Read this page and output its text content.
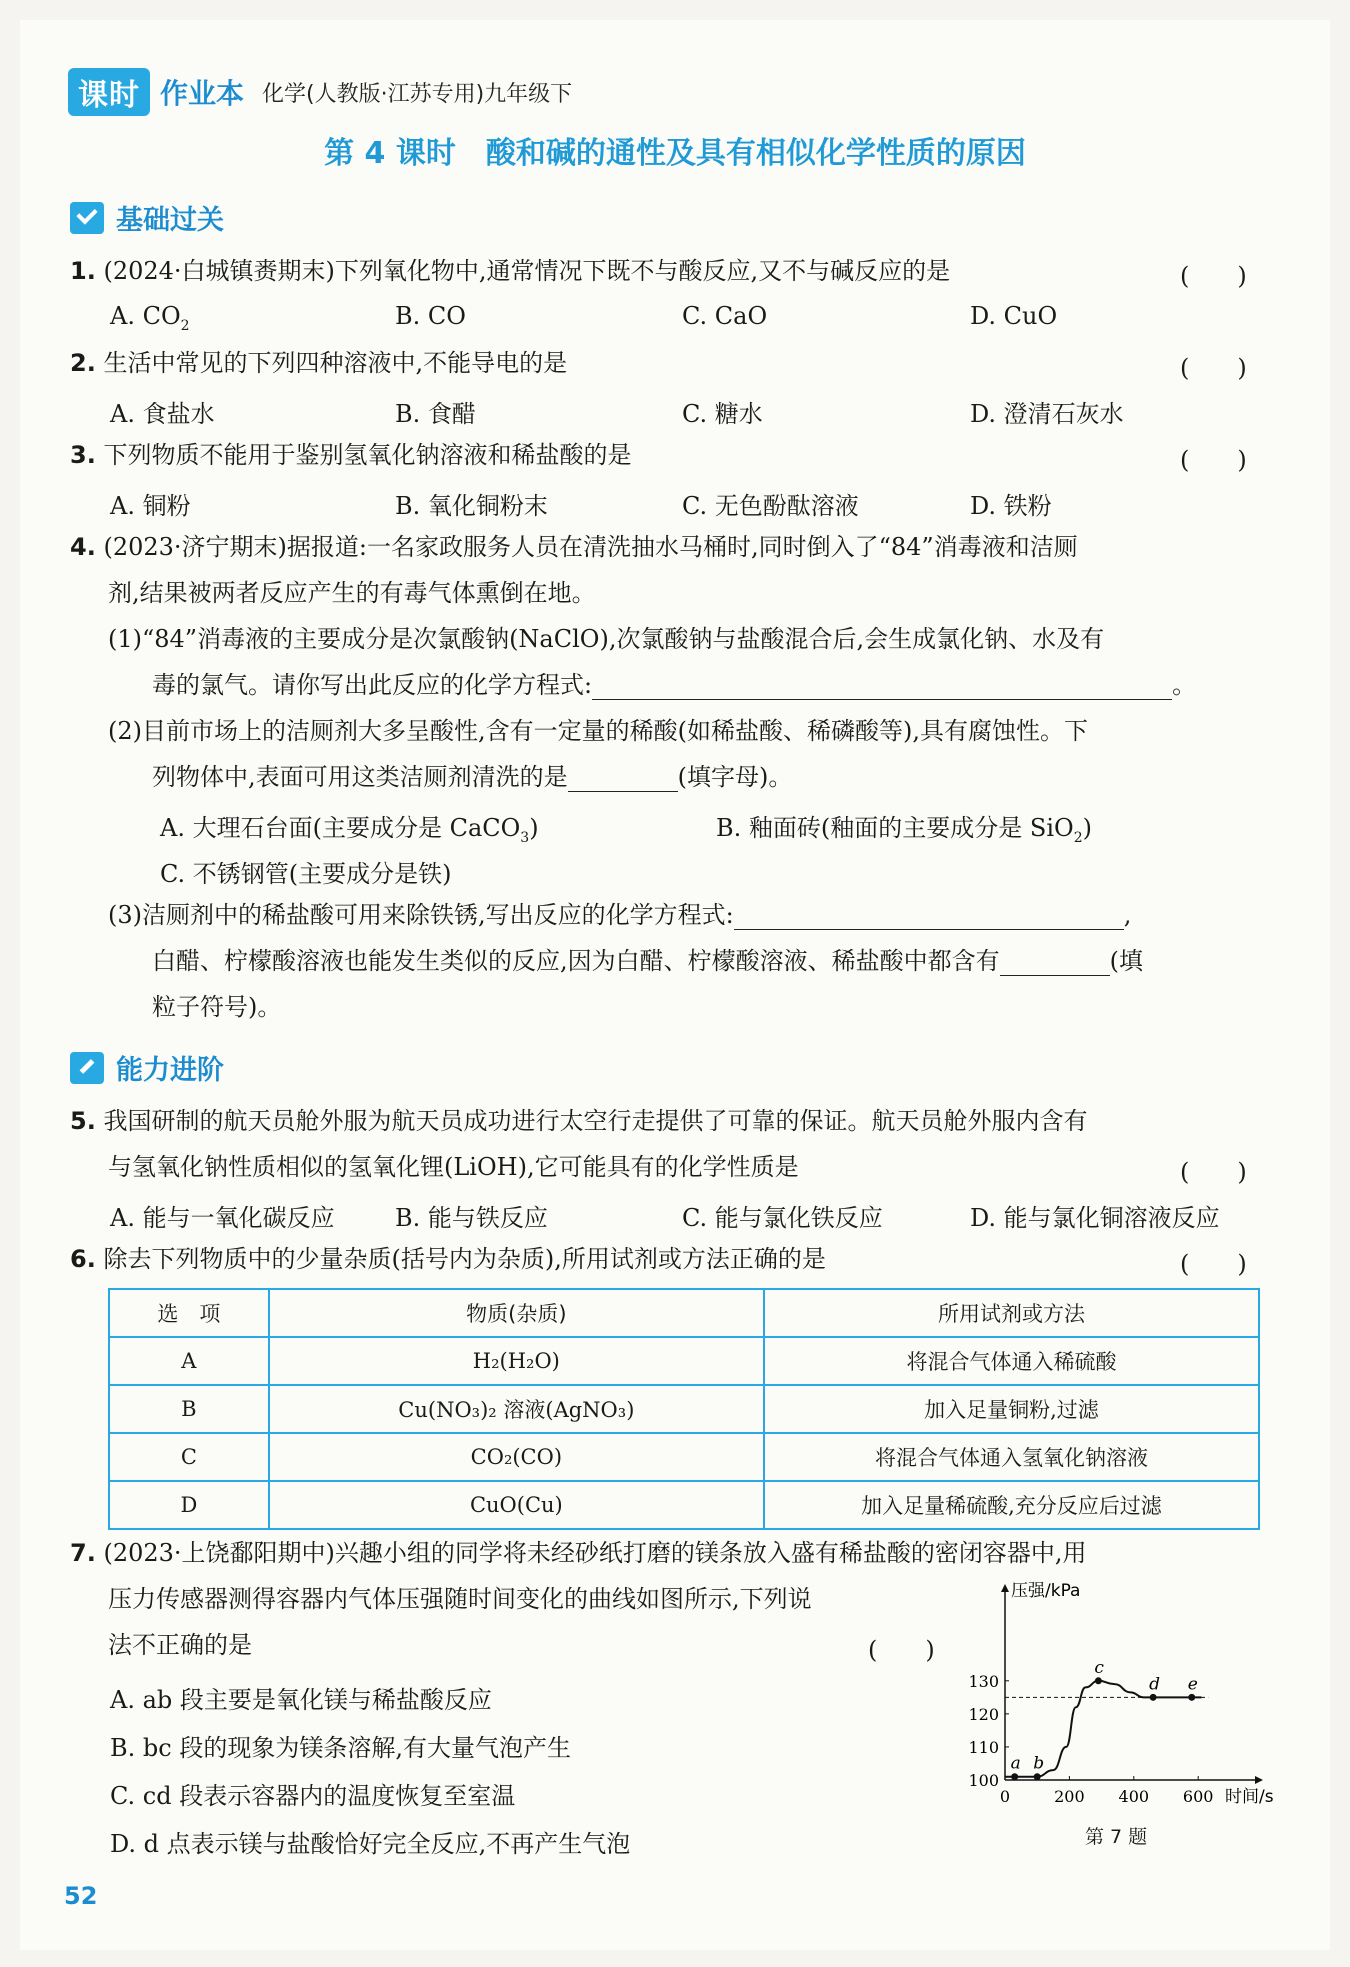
课时 作业本 化学(人教版·江苏专用)九年级下
第 4 课时　酸和碱的通性及具有相似化学性质的原因
基础过关
1. (2024·白城镇赉期末)下列氧化物中,通常情况下既不与酸反应,又不与碱反应的是	(　　)
A. $CO_2$	B. CO	C. CaO	D. CuO
2. 生活中常见的下列四种溶液中,不能导电的是	(　　)
A. 食盐水	B. 食醋	C. 糖水	D. 澄清石灰水
3. 下列物质不能用于鉴别氢氧化钠溶液和稀盐酸的是	(　　)
A. 铜粉	B. 氧化铜粉末	C. 无色酚酞溶液	D. 铁粉
4. (2023·济宁期末)据报道:一名家政服务人员在清洗抽水马桶时,同时倒入了“84”消毒液和洁厕
剂,结果被两者反应产生的有毒气体熏倒在地。
(1)“84”消毒液的主要成分是次氯酸钠(NaClO),次氯酸钠与盐酸混合后,会生成氯化钠、水及有
毒的氯气。请你写出此反应的化学方程式:	。
(2)目前市场上的洁厕剂大多呈酸性,含有一定量的稀酸(如稀盐酸、稀磷酸等),具有腐蚀性。下
列物体中,表面可用这类洁厕剂清洗的是	(填字母)。
A. 大理石台面(主要成分是 CaCO$_3$)	B. 釉面砖(釉面的主要成分是 SiO$_2$)
C. 不锈钢管(主要成分是铁)
(3)洁厕剂中的稀盐酸可用来除铁锈,写出反应的化学方程式:	,
白醋、柠檬酸溶液也能发生类似的反应,因为白醋、柠檬酸溶液、稀盐酸中都含有	(填
粒子符号)。
能力进阶
5. 我国研制的航天员舱外服为航天员成功进行太空行走提供了可靠的保证。航天员舱外服内含有
与氢氧化钠性质相似的氢氧化锂(LiOH),它可能具有的化学性质是	(　　)
A. 能与一氧化碳反应	B. 能与铁反应	C. 能与氯化铁反应	D. 能与氯化铜溶液反应
6. 除去下列物质中的少量杂质(括号内为杂质),所用试剂或方法正确的是	(　　)
选　项	物质(杂质)	所用试剂或方法
A	H₂(H₂O)	将混合气体通入稀硫酸
B	Cu(NO₃)₂ 溶液(AgNO₃)	加入足量铜粉,过滤
C	CO₂(CO)	将混合气体通入氢氧化钠溶液
D	CuO(Cu)	加入足量稀硫酸,充分反应后过滤
7. (2023·上饶鄱阳期中)兴趣小组的同学将未经砂纸打磨的镁条放入盛有稀盐酸的密闭容器中,用
压力传感器测得容器内气体压强随时间变化的曲线如图所示,下列说
法不正确的是	(　　)
A. ab 段主要是氧化镁与稀盐酸反应
B. bc 段的现象为镁条溶解,有大量气泡产生
C. cd 段表示容器内的温度恢复至室温
D. d 点表示镁与盐酸恰好完全反应,不再产生气泡
压强/kPa
时间/s
100
110
120
130
0	200 400 600
a b
c
d e
第 7 题
52
